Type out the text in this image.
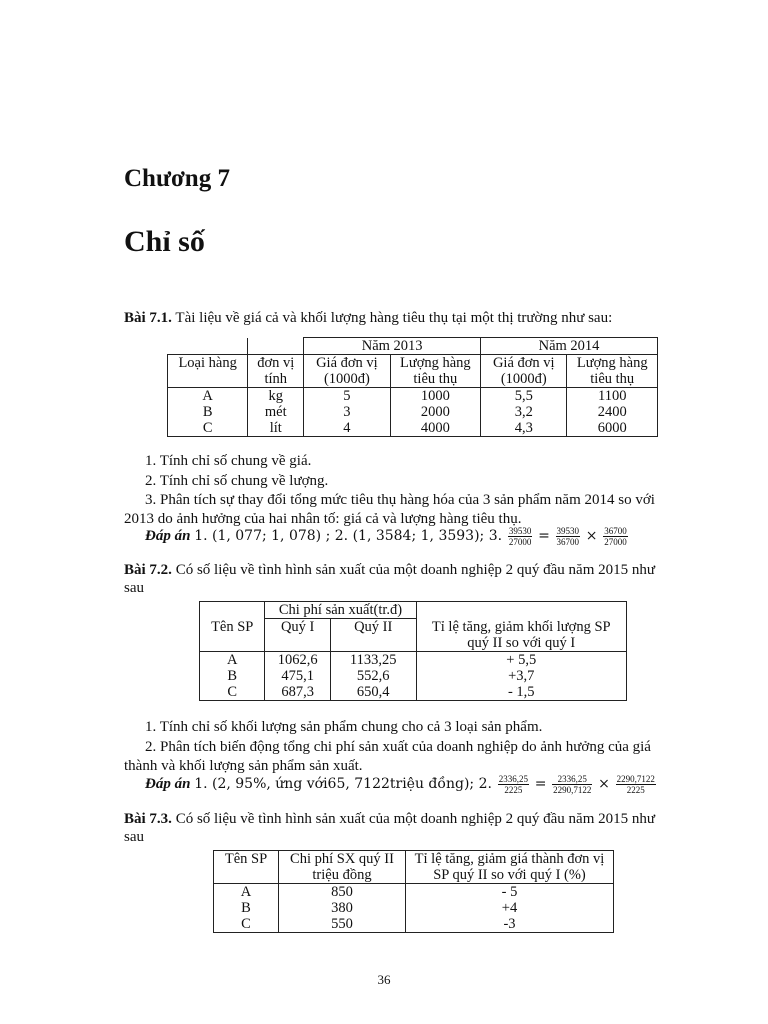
Chương 7
Chỉ số
Bài 7.1. Tài liệu về giá cả và khối lượng hàng tiêu thụ tại một thị trường như sau:
		Năm 2013		Năm 2014	
Loại hàng	đơn vị tính	Giá đơn vị (1000đ)	Lượng hàng tiêu thụ	Giá đơn vị (1000đ)	Lượng hàng tiêu thụ
A	kg	5	1000	5,5	1100
B	mét	3	2000	3,2	2400
C	lít	4	4000	4,3	6000
1. Tính chỉ số chung về giá.
2. Tính chỉ số chung về lượng.
3. Phân tích sự thay đổi tổng mức tiêu thụ hàng hóa của 3 sản phẩm năm 2014 so với
2013 do ảnh hưởng của hai nhân tố: giá cả và lượng hàng tiêu thụ.
Đáp án 1. (1, 077; 1, 078) ; 2. (1, 3584; 1, 3593); 3. $\frac{39530}{27000} = \frac{39530}{36700} \times \frac{36700}{27000}$
Bài 7.2. Có số liệu về tình hình sản xuất của một doanh nghiệp 2 quý đầu năm 2015 như
sau
	Chi phí sản xuất(tr.đ)		
Tên SP	Quý I	Quý II	Tỉ lệ tăng, giảm khối lượng SP quý II so với quý I
A	1062,6	1133,25	+ 5,5
B	475,1	552,6	+3,7
C	687,3	650,4	- 1,5
1. Tính chỉ số khối lượng sản phẩm chung cho cả 3 loại sản phẩm.
2. Phân tích biến động tổng chi phí sản xuất của doanh nghiệp do ảnh hưởng của giá
thành và khối lượng sản phẩm sản xuất.
Đáp án 1. (2, 95%, ứng với65, 7122triệu đồng); 2. $\frac{2336,25}{2225} = \frac{2336,25}{2290,7122} \times \frac{2290,7122}{2225}$
Bài 7.3. Có số liệu về tình hình sản xuất của một doanh nghiệp 2 quý đầu năm 2015 như
sau
Tên SP	Chi phí SX quý II triệu đồng	Tỉ lệ tăng, giảm giá thành đơn vị SP quý II so với quý I (%)
A	850	- 5
B	380	+4
C	550	-3
36
